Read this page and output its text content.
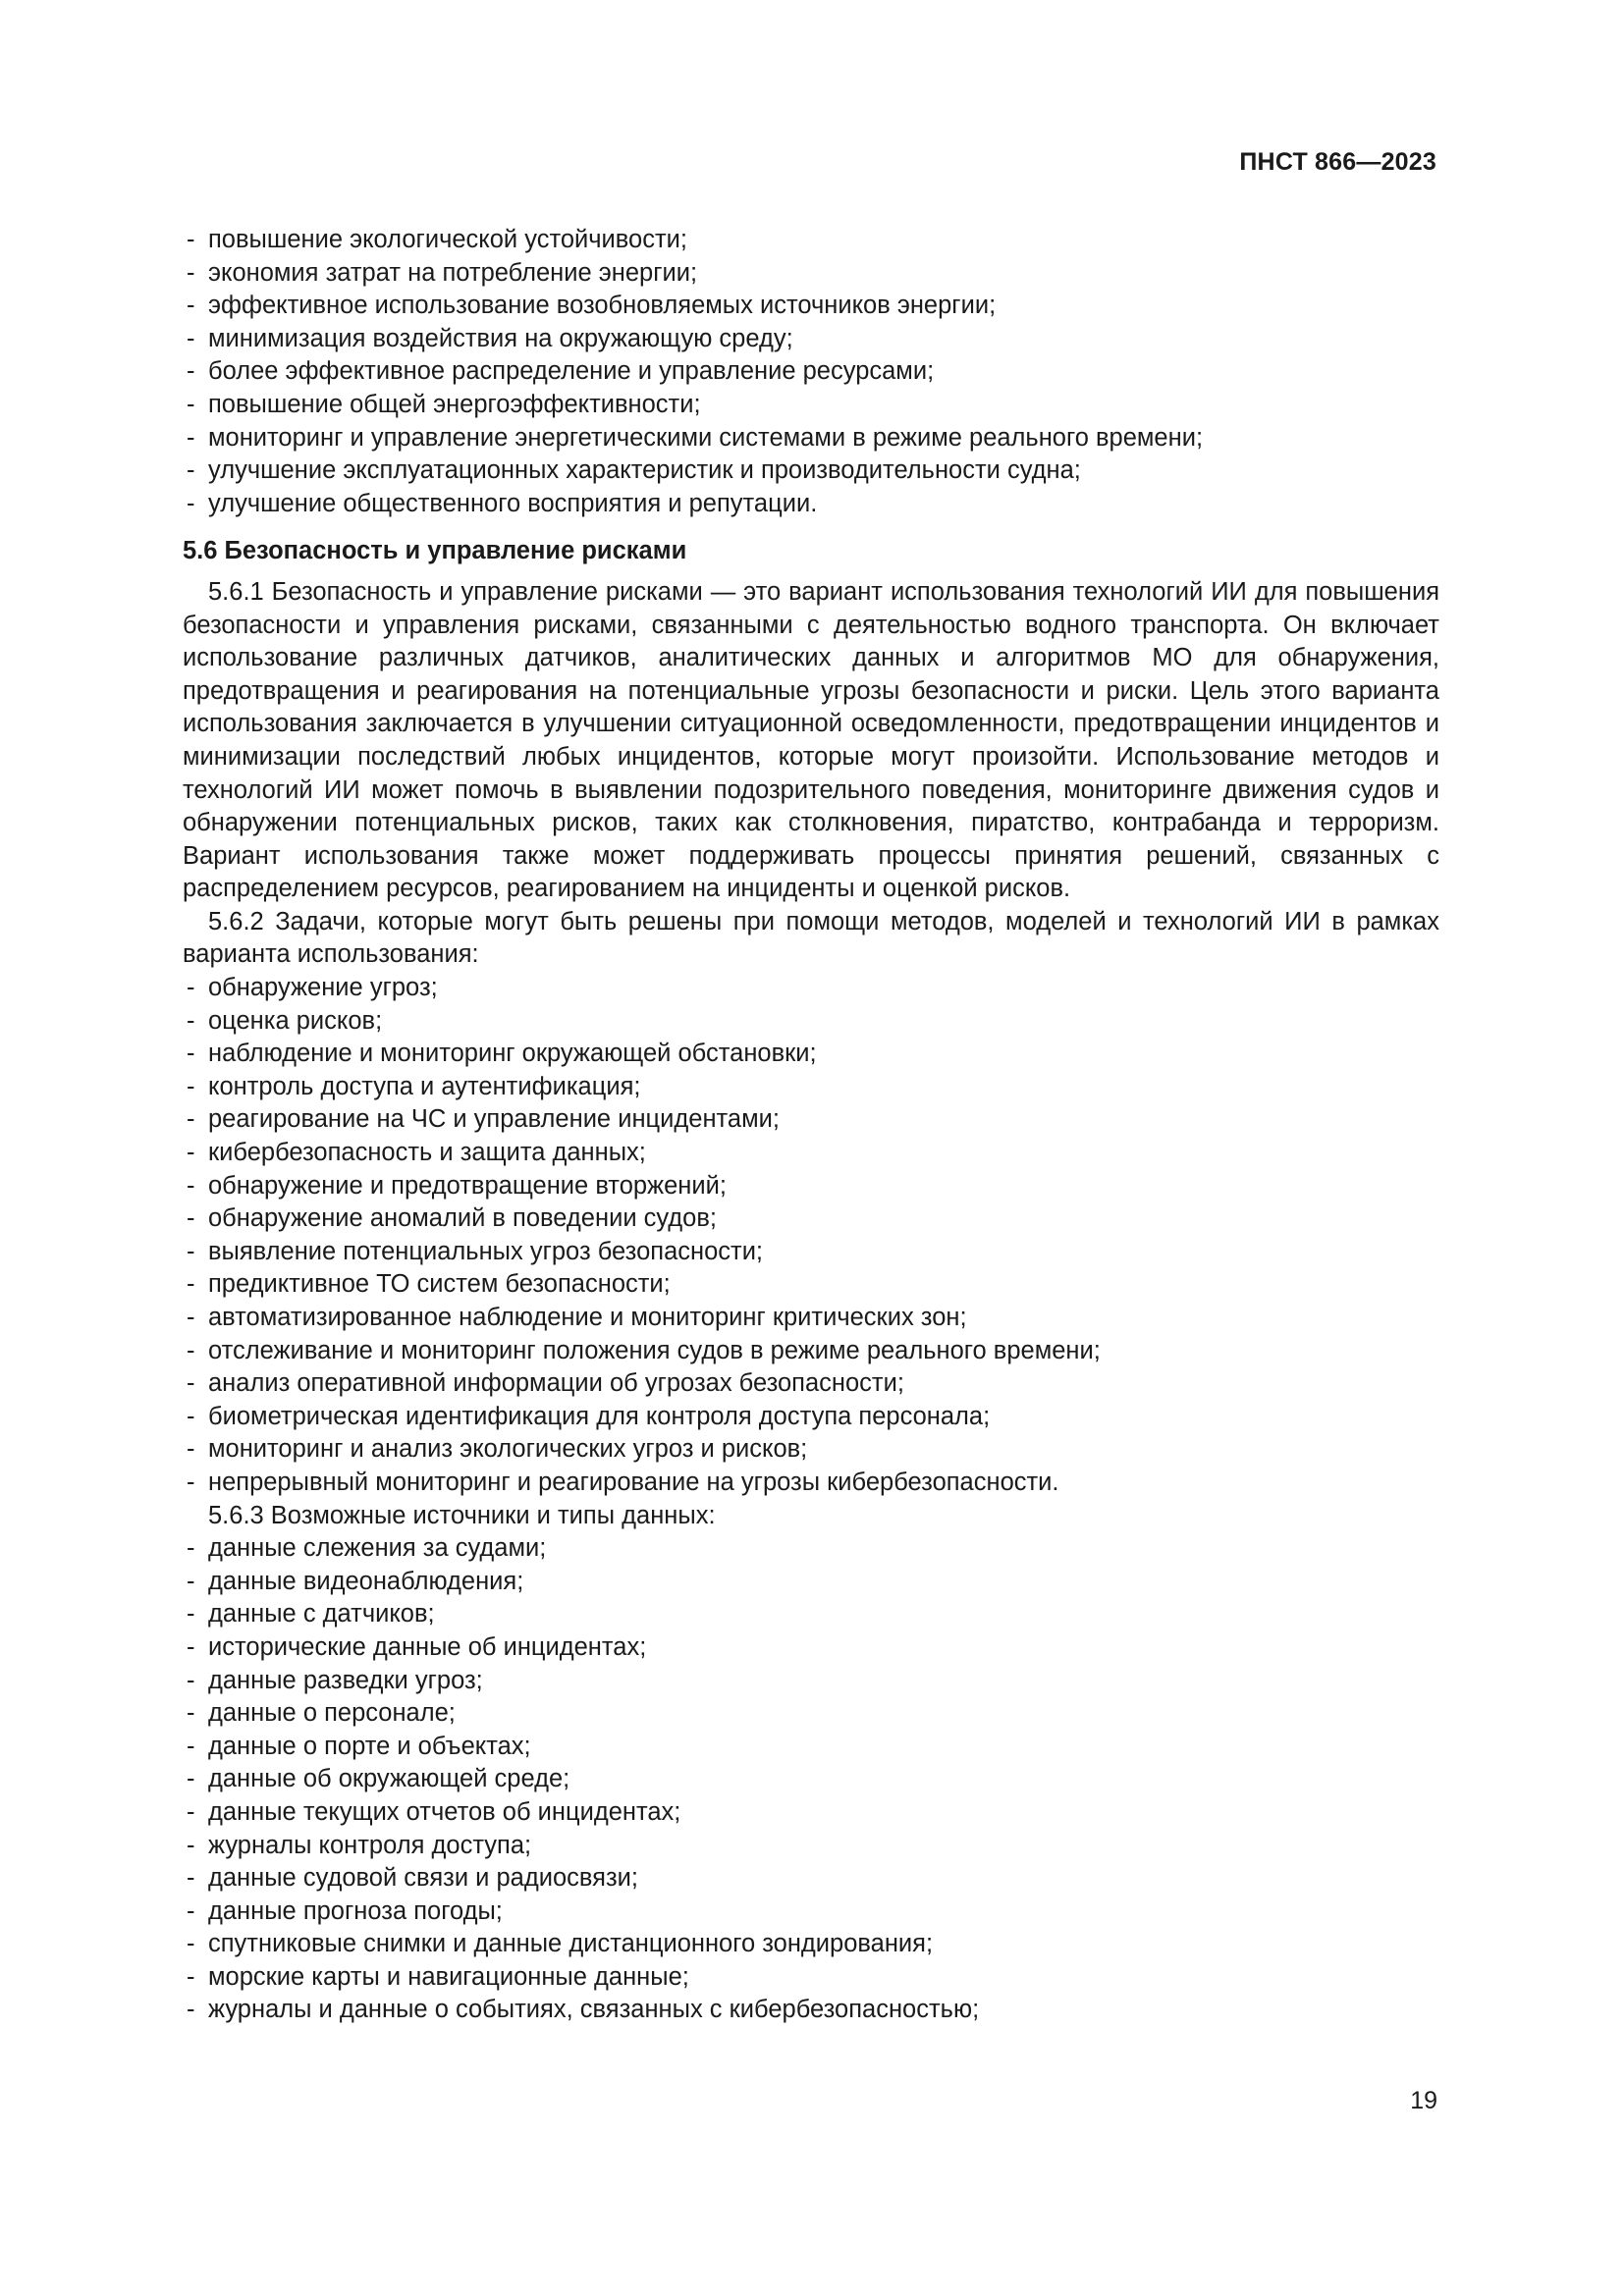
ПНСТ 866—2023
- повышение экологической устойчивости;
- экономия затрат на потребление энергии;
- эффективное использование возобновляемых источников энергии;
- минимизация воздействия на окружающую среду;
- более эффективное распределение и управление ресурсами;
- повышение общей энергоэффективности;
- мониторинг и управление энергетическими системами в режиме реального времени;
- улучшение эксплуатационных характеристик и производительности судна;
- улучшение общественного восприятия и репутации.
5.6 Безопасность и управление рисками

5.6.1 Безопасность и управление рисками — это вариант использования технологий ИИ для повышения безопасности и управления рисками, связанными с деятельностью водного транспорта. Он включает использование различных датчиков, аналитических данных и алгоритмов МО для обнаружения, предотвращения и реагирования на потенциальные угрозы безопасности и риски. Цель этого варианта использования заключается в улучшении ситуационной осведомленности, предотвращении инцидентов и минимизации последствий любых инцидентов, которые могут произойти. Использование методов и технологий ИИ может помочь в выявлении подозрительного поведения, мониторинге движения судов и обнаружении потенциальных рисков, таких как столкновения, пиратство, контрабанда и терроризм. Вариант использования также может поддерживать процессы принятия решений, связанных с распределением ресурсов, реагированием на инциденты и оценкой рисков.

5.6.2 Задачи, которые могут быть решены при помощи методов, моделей и технологий ИИ в рамках варианта использования:

- обнаружение угроз;
- оценка рисков;
- наблюдение и мониторинг окружающей обстановки;
- контроль доступа и аутентификация;
- реагирование на ЧС и управление инцидентами;
- кибербезопасность и защита данных;
- обнаружение и предотвращение вторжений;
- обнаружение аномалий в поведении судов;
- выявление потенциальных угроз безопасности;
- предиктивное ТО систем безопасности;
- автоматизированное наблюдение и мониторинг критических зон;
- отслеживание и мониторинг положения судов в режиме реального времени;
- анализ оперативной информации об угрозах безопасности;
- биометрическая идентификация для контроля доступа персонала;
- мониторинг и анализ экологических угроз и рисков;
- непрерывный мониторинг и реагирование на угрозы кибербезопасности.

5.6.3 Возможные источники и типы данных:

- данные слежения за судами;
- данные видеонаблюдения;
- данные с датчиков;
- исторические данные об инцидентах;
- данные разведки угроз;
- данные о персонале;
- данные о порте и объектах;
- данные об окружающей среде;
- данные текущих отчетов об инцидентах;
- журналы контроля доступа;
- данные судовой связи и радиосвязи;
- данные прогноза погоды;
- спутниковые снимки и данные дистанционного зондирования;
- морские карты и навигационные данные;
- журналы и данные о событиях, связанных с кибербезопасностью;
19
